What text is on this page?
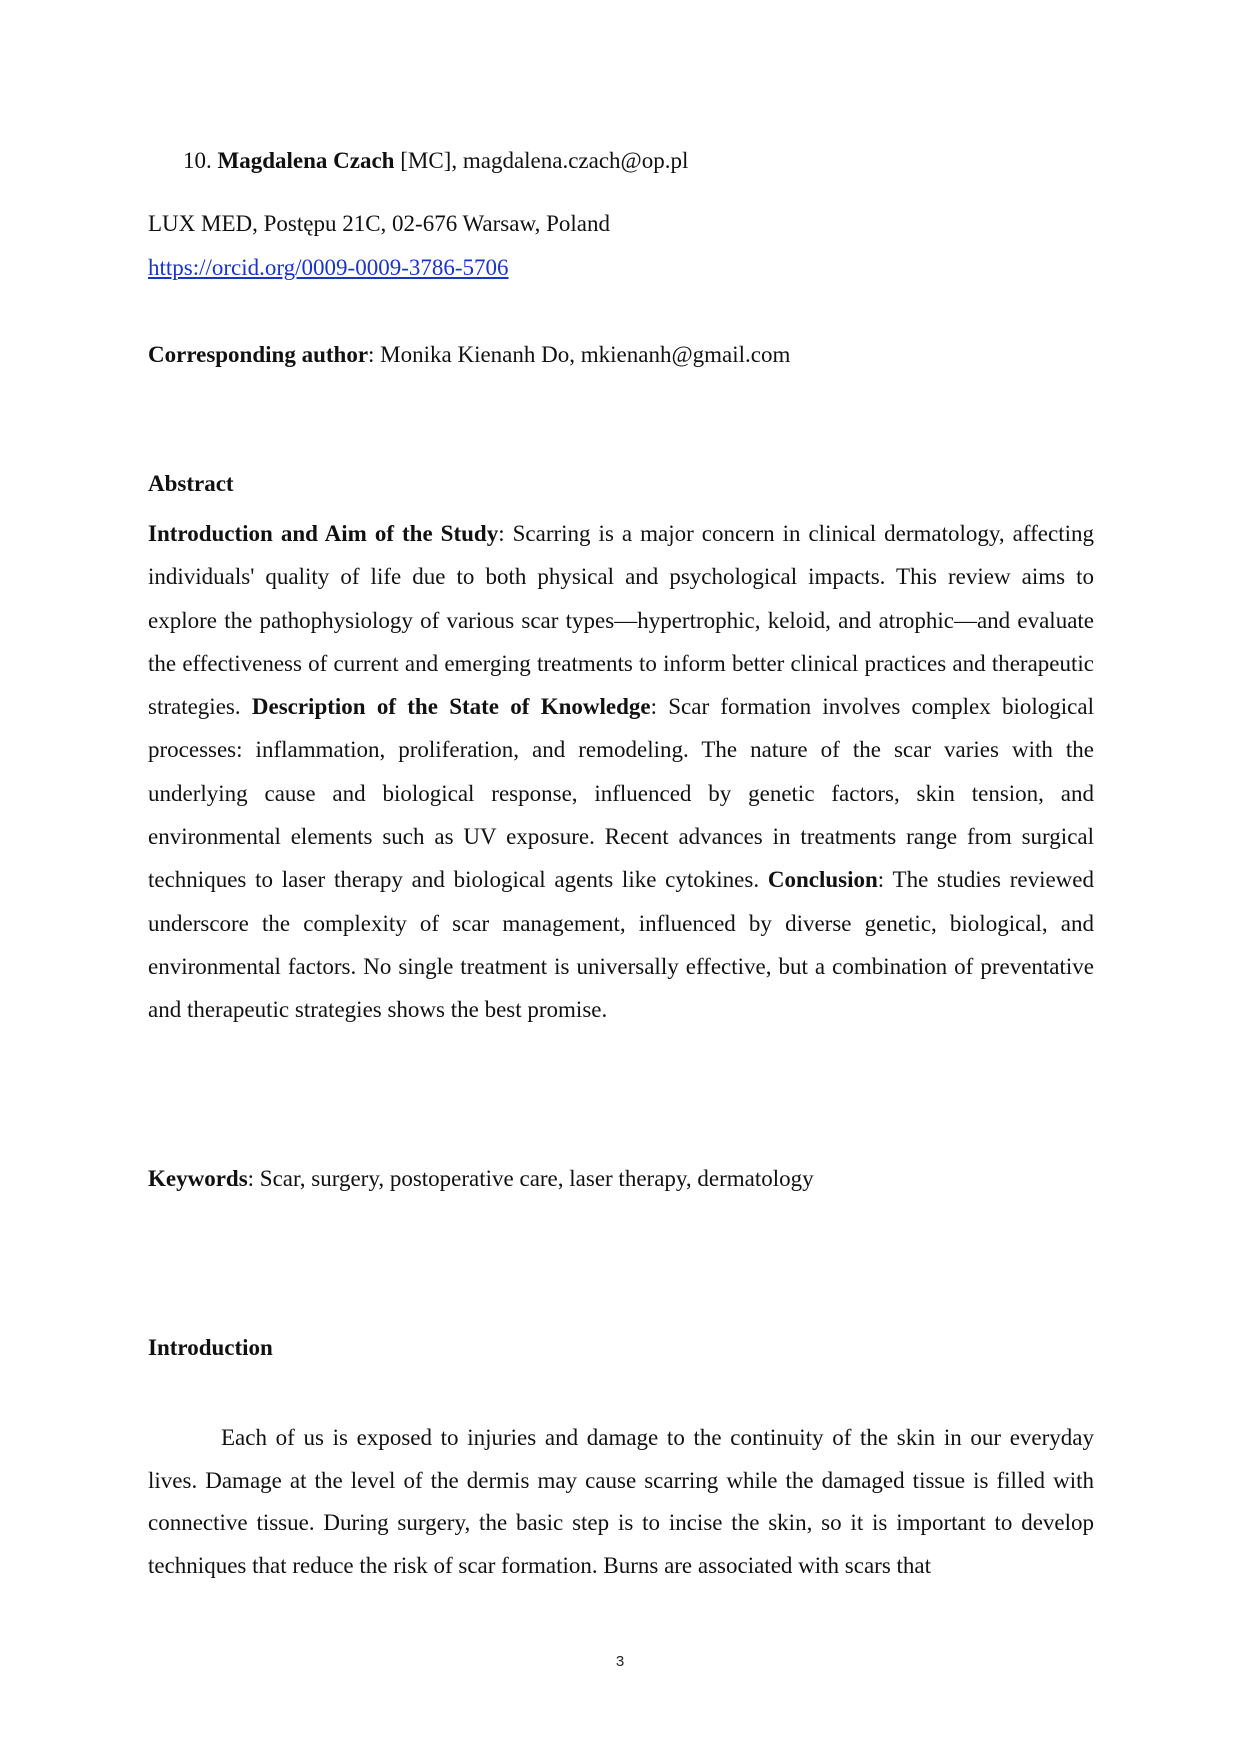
10. Magdalena Czach [MC], magdalena.czach@op.pl
LUX MED, Postępu 21C, 02-676 Warsaw, Poland
https://orcid.org/0009-0009-3786-5706
Corresponding author: Monika Kienanh Do, mkienanh@gmail.com
Abstract
Introduction and Aim of the Study: Scarring is a major concern in clinical dermatology, affecting individuals' quality of life due to both physical and psychological impacts. This review aims to explore the pathophysiology of various scar types—hypertrophic, keloid, and atrophic—and evaluate the effectiveness of current and emerging treatments to inform better clinical practices and therapeutic strategies. Description of the State of Knowledge: Scar formation involves complex biological processes: inflammation, proliferation, and remodeling. The nature of the scar varies with the underlying cause and biological response, influenced by genetic factors, skin tension, and environmental elements such as UV exposure. Recent advances in treatments range from surgical techniques to laser therapy and biological agents like cytokines. Conclusion: The studies reviewed underscore the complexity of scar management, influenced by diverse genetic, biological, and environmental factors. No single treatment is universally effective, but a combination of preventative and therapeutic strategies shows the best promise.
Keywords: Scar, surgery, postoperative care, laser therapy, dermatology
Introduction
Each of us is exposed to injuries and damage to the continuity of the skin in our everyday lives. Damage at the level of the dermis may cause scarring while the damaged tissue is filled with connective tissue. During surgery, the basic step is to incise the skin, so it is important to develop techniques that reduce the risk of scar formation. Burns are associated with scars that
3
